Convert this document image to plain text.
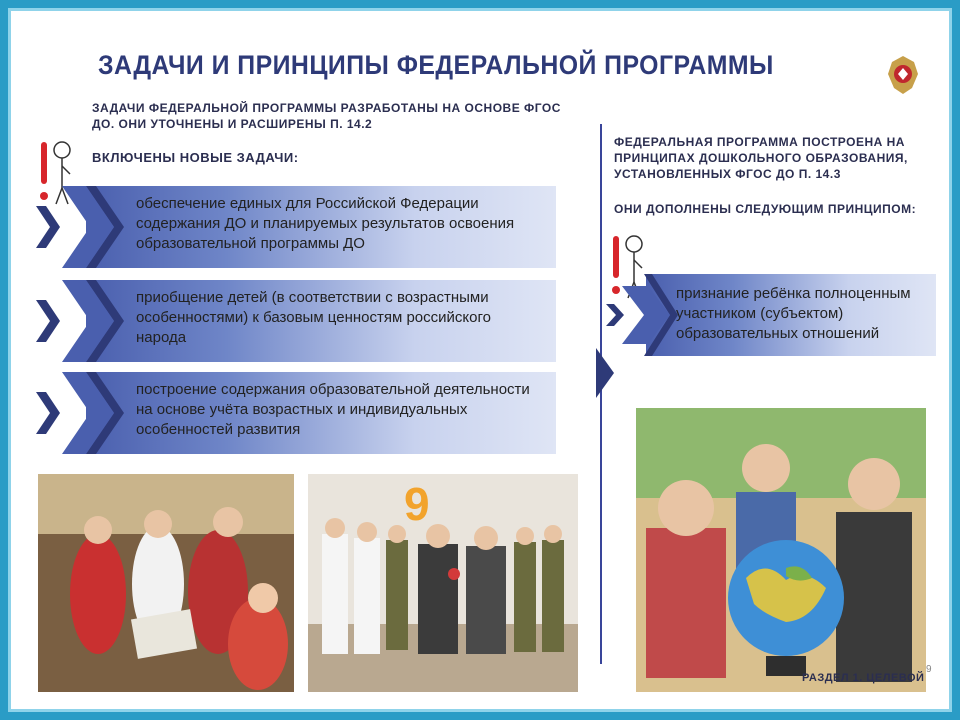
ЗАДАЧИ И ПРИНЦИПЫ ФЕДЕРАЛЬНОЙ ПРОГРАММЫ
ЗАДАЧИ ФЕДЕРАЛЬНОЙ ПРОГРАММЫ РАЗРАБОТАНЫ НА ОСНОВЕ ФГОС ДО. ОНИ УТОЧНЕНЫ И РАСШИРЕНЫ П. 14.2
ВКЛЮЧЕНЫ НОВЫЕ ЗАДАЧИ:
1
обеспечение единых для Российской Федерации содержания ДО и планируемых результатов освоения образовательной программы ДО
2
приобщение детей (в соответствии с возрастными особенностями) к базовым ценностям российского народа
3
построение содержания образовательной деятельности на основе учёта возрастных и индивидуальных особенностей развития
ФЕДЕРАЛЬНАЯ ПРОГРАММА ПОСТРОЕНА НА ПРИНЦИПАХ ДОШКОЛЬНОГО ОБРАЗОВАНИЯ, УСТАНОВЛЕННЫХ ФГОС ДО П. 14.3
ОНИ ДОПОЛНЕНЫ СЛЕДУЮЩИМ ПРИНЦИПОМ:
признание ребёнка полноценным участником (субъектом) образовательных отношений
9
РАЗДЕЛ 1. ЦЕЛЕВОЙ
9
